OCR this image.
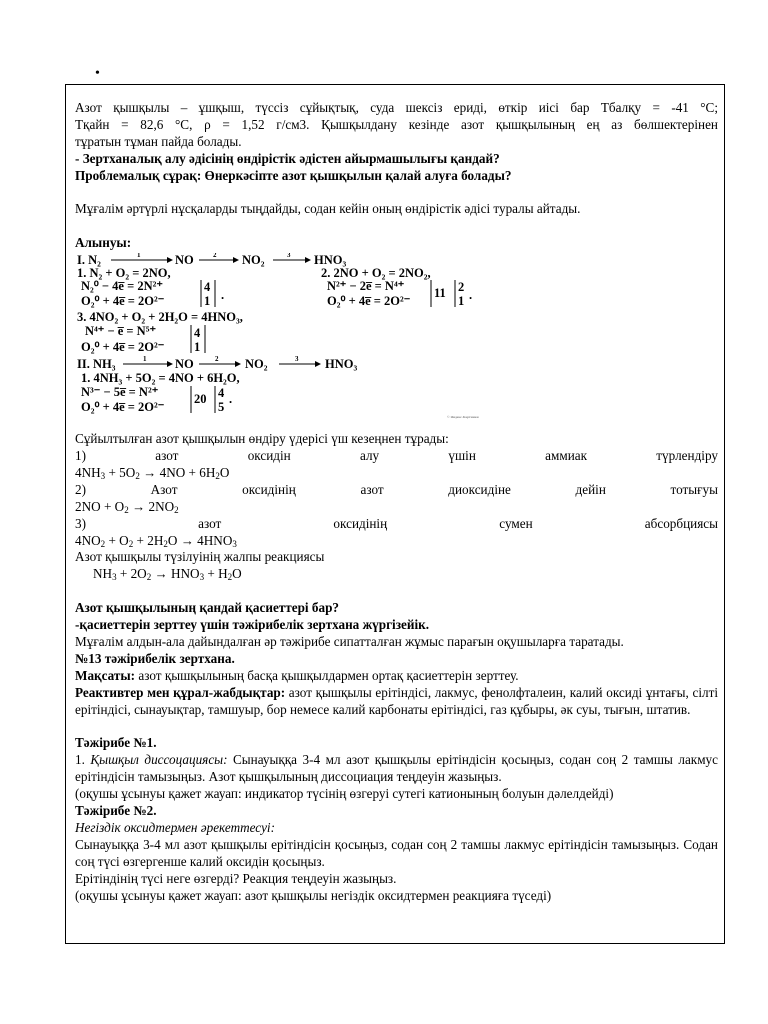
•

Азот қышқылы – ұшқыш, түссіз сұйықтық, суда шексіз ериді, өткір иісі бар Тбалқу = -41 °С;

Тқайн = 82,6 °С, ρ = 1,52 г/см3. Қышқылдану кезінде азот қышқылының ең аз бөлшектерінен

тұратын тұман пайда болады.

- Зертханалық алу әдісінің өндірістік әдістен айырмашылығы қандай?

Проблемалық сұрақ: Өнеркәсіпте азот қышқылын қалай алуға болады?

Мұғалім әртүрлі нұсқаларды тыңдайды, содан кейін оның өндірістік әдісі туралы айтады.

Алынуы:

I. N₂	1	NO	2 NO₂	3 HNO₃
1. N₂ + O₂ = 2NO,
N₂⁰ − 4e̅ = 2N²⁺
O₂⁰ + 4e̅ = 2O²⁻
4
1 .
2. 2NO + O₂ = 2NO₂,
N²⁺ − 2e̅ = N⁴⁺
O₂⁰ + 4e̅ = 2O²⁻
11 2
1 .
3. 4NO₂ + O₂ + 2H₂O = 4HNO₃,
N⁴⁺ − e̅ = N⁵⁺
O₂⁰ + 4e̅ = 2O²⁻
4
1
II. NH₃	1 NO	2 NO₂	3 HNO₃
1. 4NH₃ + 5O₂ = 4NO + 6H₂O,
N³⁻ − 5e̅ = N²⁺
O₂⁰ + 4e̅ = 2O²⁻
20 4
5
.
© Яндекс.Картинки

Сұйылтылған азот қышқылын өндіру үдерісі үш кезеңнен тұрады:

1)	азот	оксидін	алу	үшін	аммиак	түрлендіру

$4NH_3 + 5O_2 \to 4NO + 6H_2O$

2)	Азот	оксидінің	азот	диоксидіне	дейін	тотығуы

$2NO + O_2 \to 2NO_2$

3)	азот	оксидінің	сумен	абсорбциясы

$4NO_2 + O_2 + 2H_2O \to 4HNO_3$

Азот қышқылы түзілуінің жалпы реакциясы

$NH_3 + 2O_2 \to HNO_3 + H_2O$

Азот қышқылының қандай қасиеттері бар?

-қасиеттерін зерттеу үшін тәжірибелік зертхана жүргізейік.

Мұғалім алдын-ала дайындалған әр тәжірибе сипатталған жұмыс парағын оқушыларға таратады.

№13 тәжірибелік зертхана.

Мақсаты: азот қышқылының басқа қышқылдармен ортақ қасиеттерін зерттеу.

Реактивтер мен құрал-жабдықтар: азот қышқылы ерітіндісі, лакмус, фенолфталеин, калий оксиді ұнтағы, сілті ерітіндісі, сынауықтар, тамшуыр, бор немесе калий карбонаты ерітіндісі, газ құбыры, әк суы, тығын, штатив.

Тәжірибе №1.

1. Қышқыл диссоцациясы: Сынауыққа 3-4 мл азот қышқылы ерітіндісін қосыңыз, содан соң 2 тамшы лакмус ерітіндісін тамызыңыз. Азот қышқылының диссоциация теңдеуін жазыңыз.

(оқушы ұсынуы қажет жауап: индикатор түсінің өзгеруі сутегі катионының болуын дәлелдейді)

Тәжірибе №2.

Негіздік оксидтермен әрекеттесуі:

Сынауыққа 3-4 мл азот қышқылы ерітіндісін қосыңыз, содан соң 2 тамшы лакмус ерітіндісін тамызыңыз. Содан соң түсі өзгергенше калий оксидін қосыңыз.

Ерітіндінің түсі неге өзгерді? Реакция теңдеуін жазыңыз.

(оқушы ұсынуы қажет жауап: азот қышқылы негіздік оксидтермен реакцияға түседі)
